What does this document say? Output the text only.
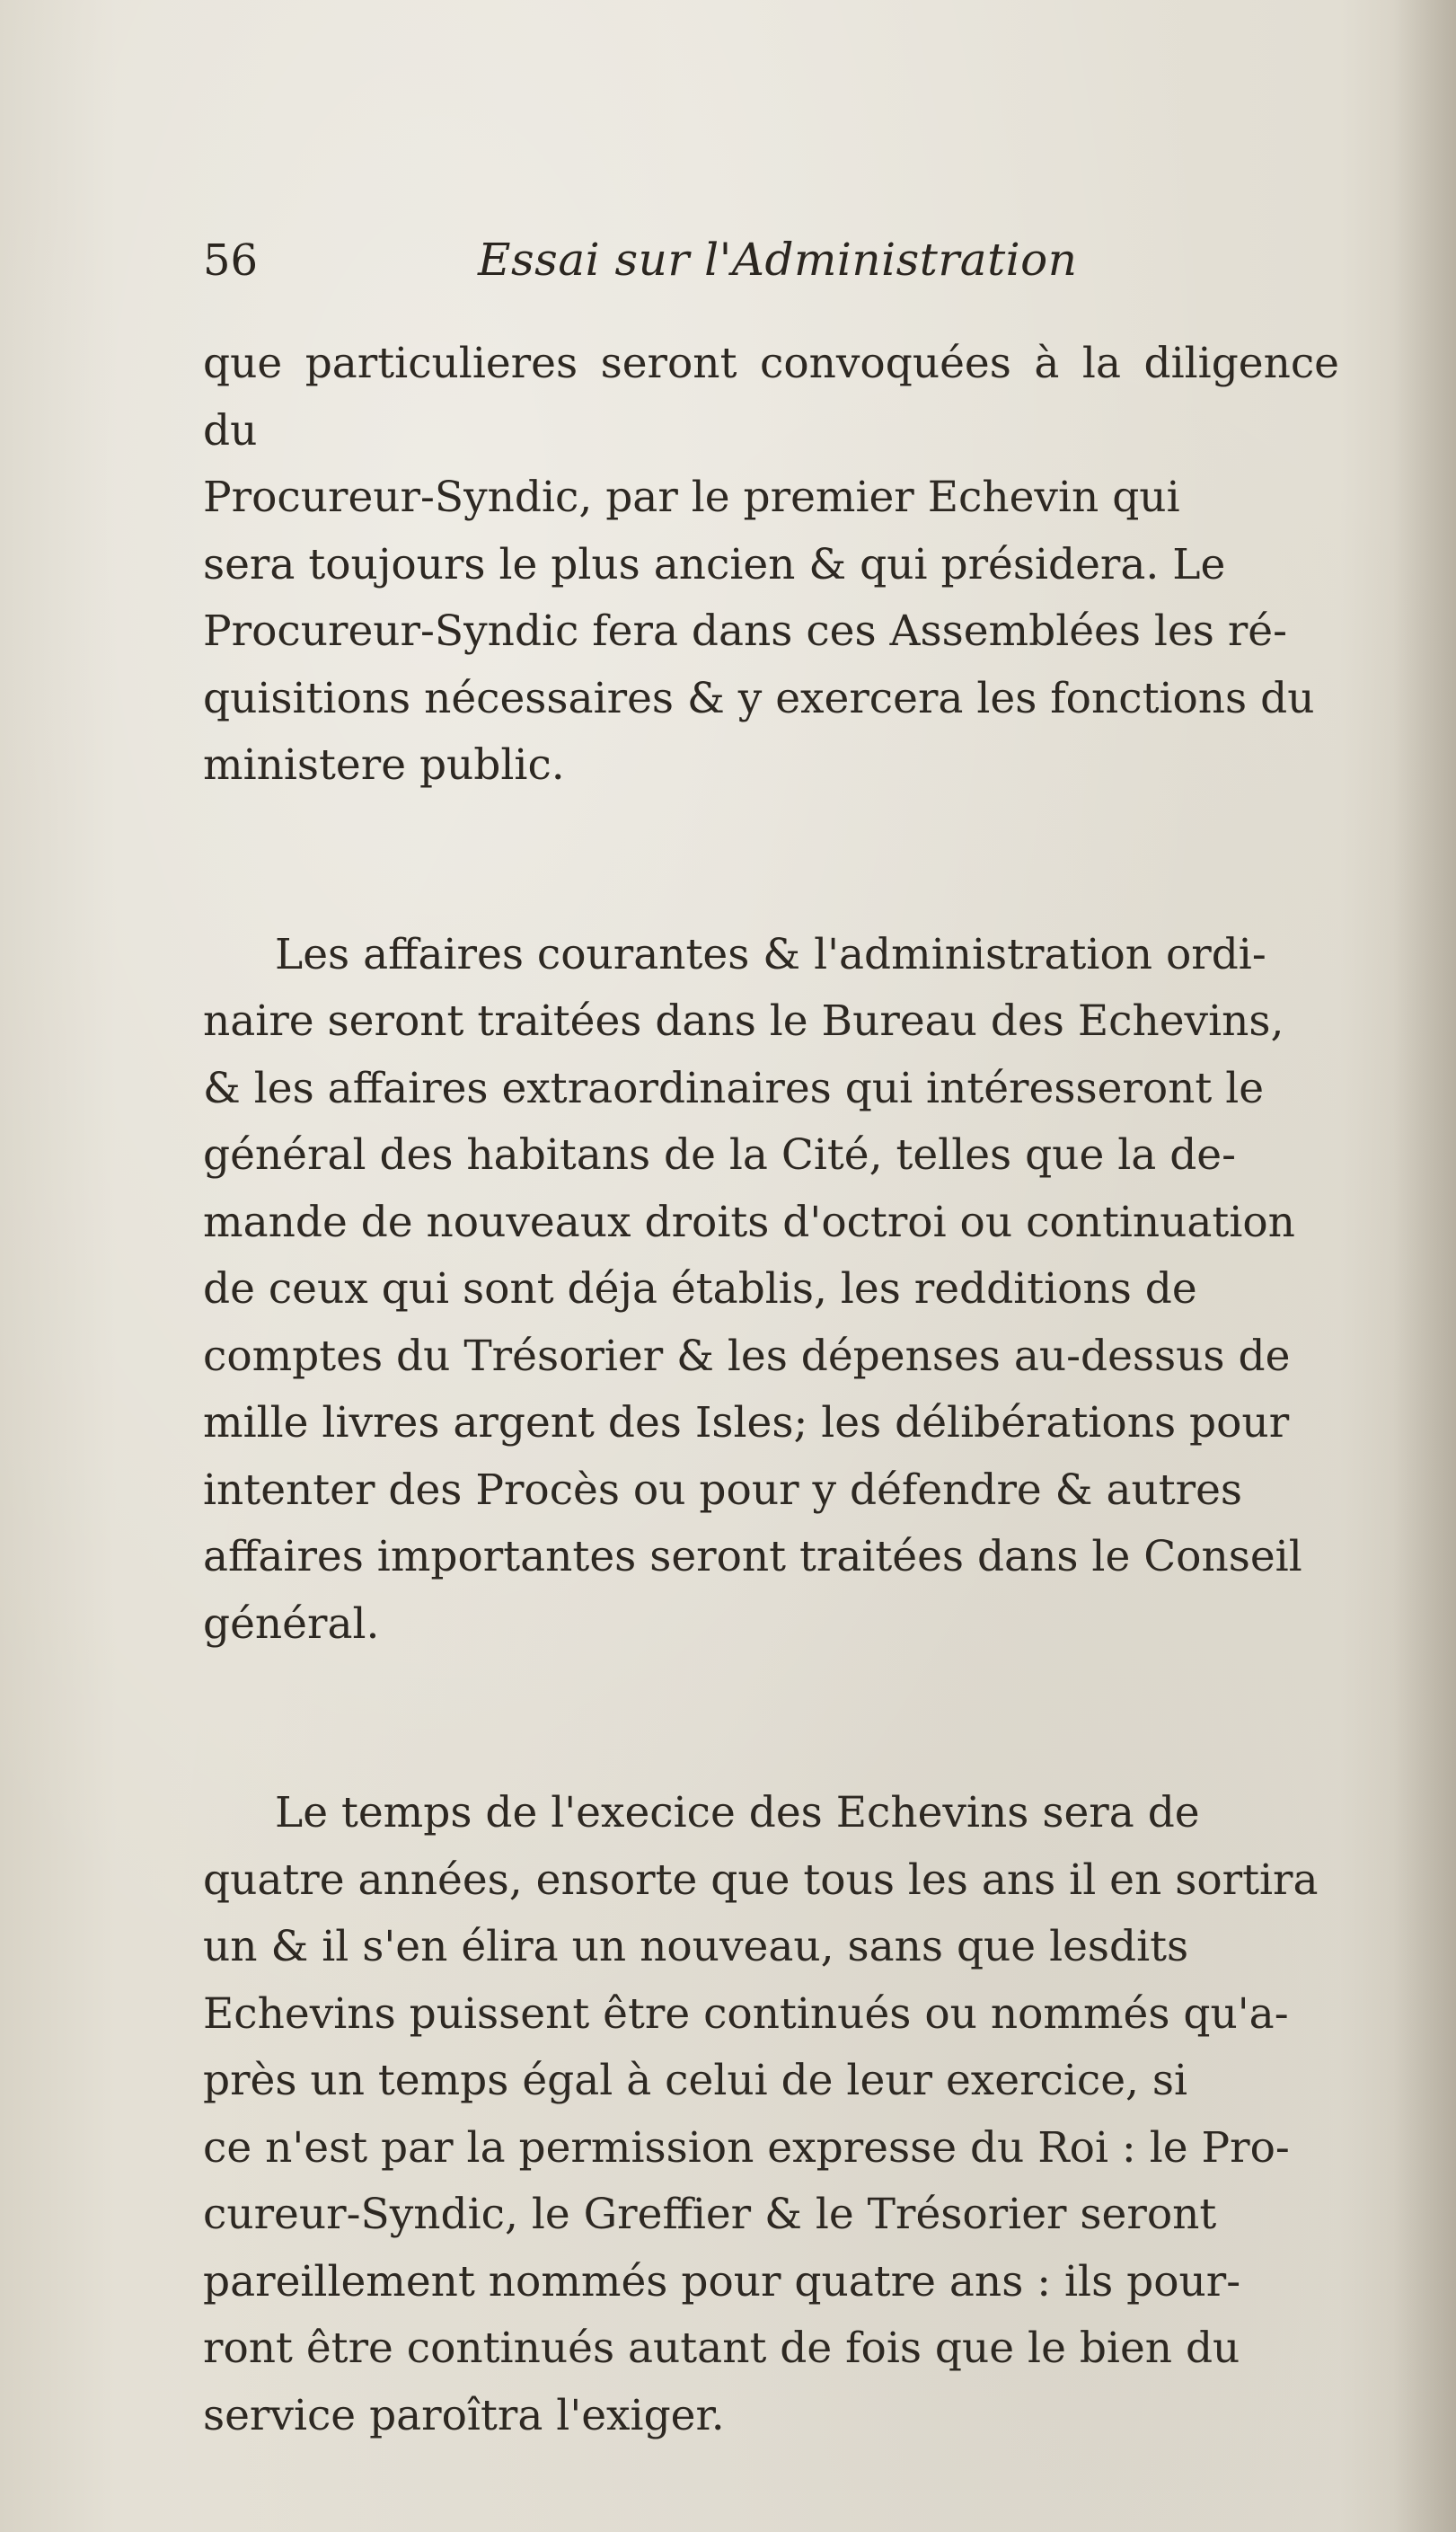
56	Essai sur l'Administration

que particulieres seront convoquées à la diligence du
Procureur-Syndic, par le premier Echevin qui
sera toujours le plus ancien & qui présidera. Le
Procureur-Syndic fera dans ces Assemblées les ré-
quisitions nécessaires & y exercera les fonctions du
ministere public.

Les affaires courantes & l'administration ordi-
naire seront traitées dans le Bureau des Echevins,
& les affaires extraordinaires qui intéresseront le
général des habitans de la Cité, telles que la de-
mande de nouveaux droits d'octroi ou continuation
de ceux qui sont déja établis, les redditions de
comptes du Trésorier & les dépenses au-dessus de
mille livres argent des Isles; les délibérations pour
intenter des Procès ou pour y défendre & autres
affaires importantes seront traitées dans le Conseil
général.

Le temps de l'execice des Echevins sera de
quatre années, ensorte que tous les ans il en sortira
un & il s'en élira un nouveau, sans que lesdits
Echevins puissent être continués ou nommés qu'a-
près un temps égal à celui de leur exercice, si
ce n'est par la permission expresse du Roi : le Pro-
cureur-Syndic, le Greffier & le Trésorier seront
pareillement nommés pour quatre ans : ils pour-
ront être continués autant de fois que le bien du
service paroîtra l'exiger.
